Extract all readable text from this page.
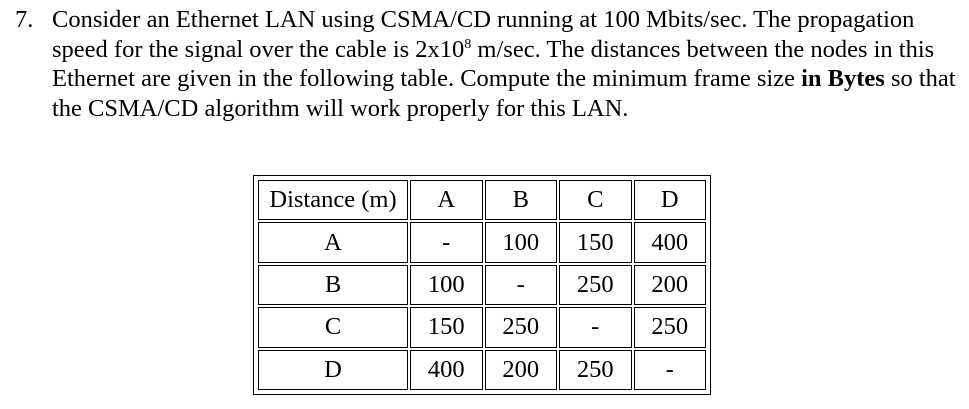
7. Consider an Ethernet LAN using CSMA/CD running at 100 Mbits/sec. The propagation
speed for the signal over the cable is $2x10^8$ m/sec. The distances between the nodes in this
Ethernet are given in the following table. Compute the minimum frame size in Bytes so that
the CSMA/CD algorithm will work properly for this LAN.
Distance (m)	A	B	C	D
A	-	100	150	400
B	100	-	250	200
C	150	250	-	250
D	400	200	250	-
